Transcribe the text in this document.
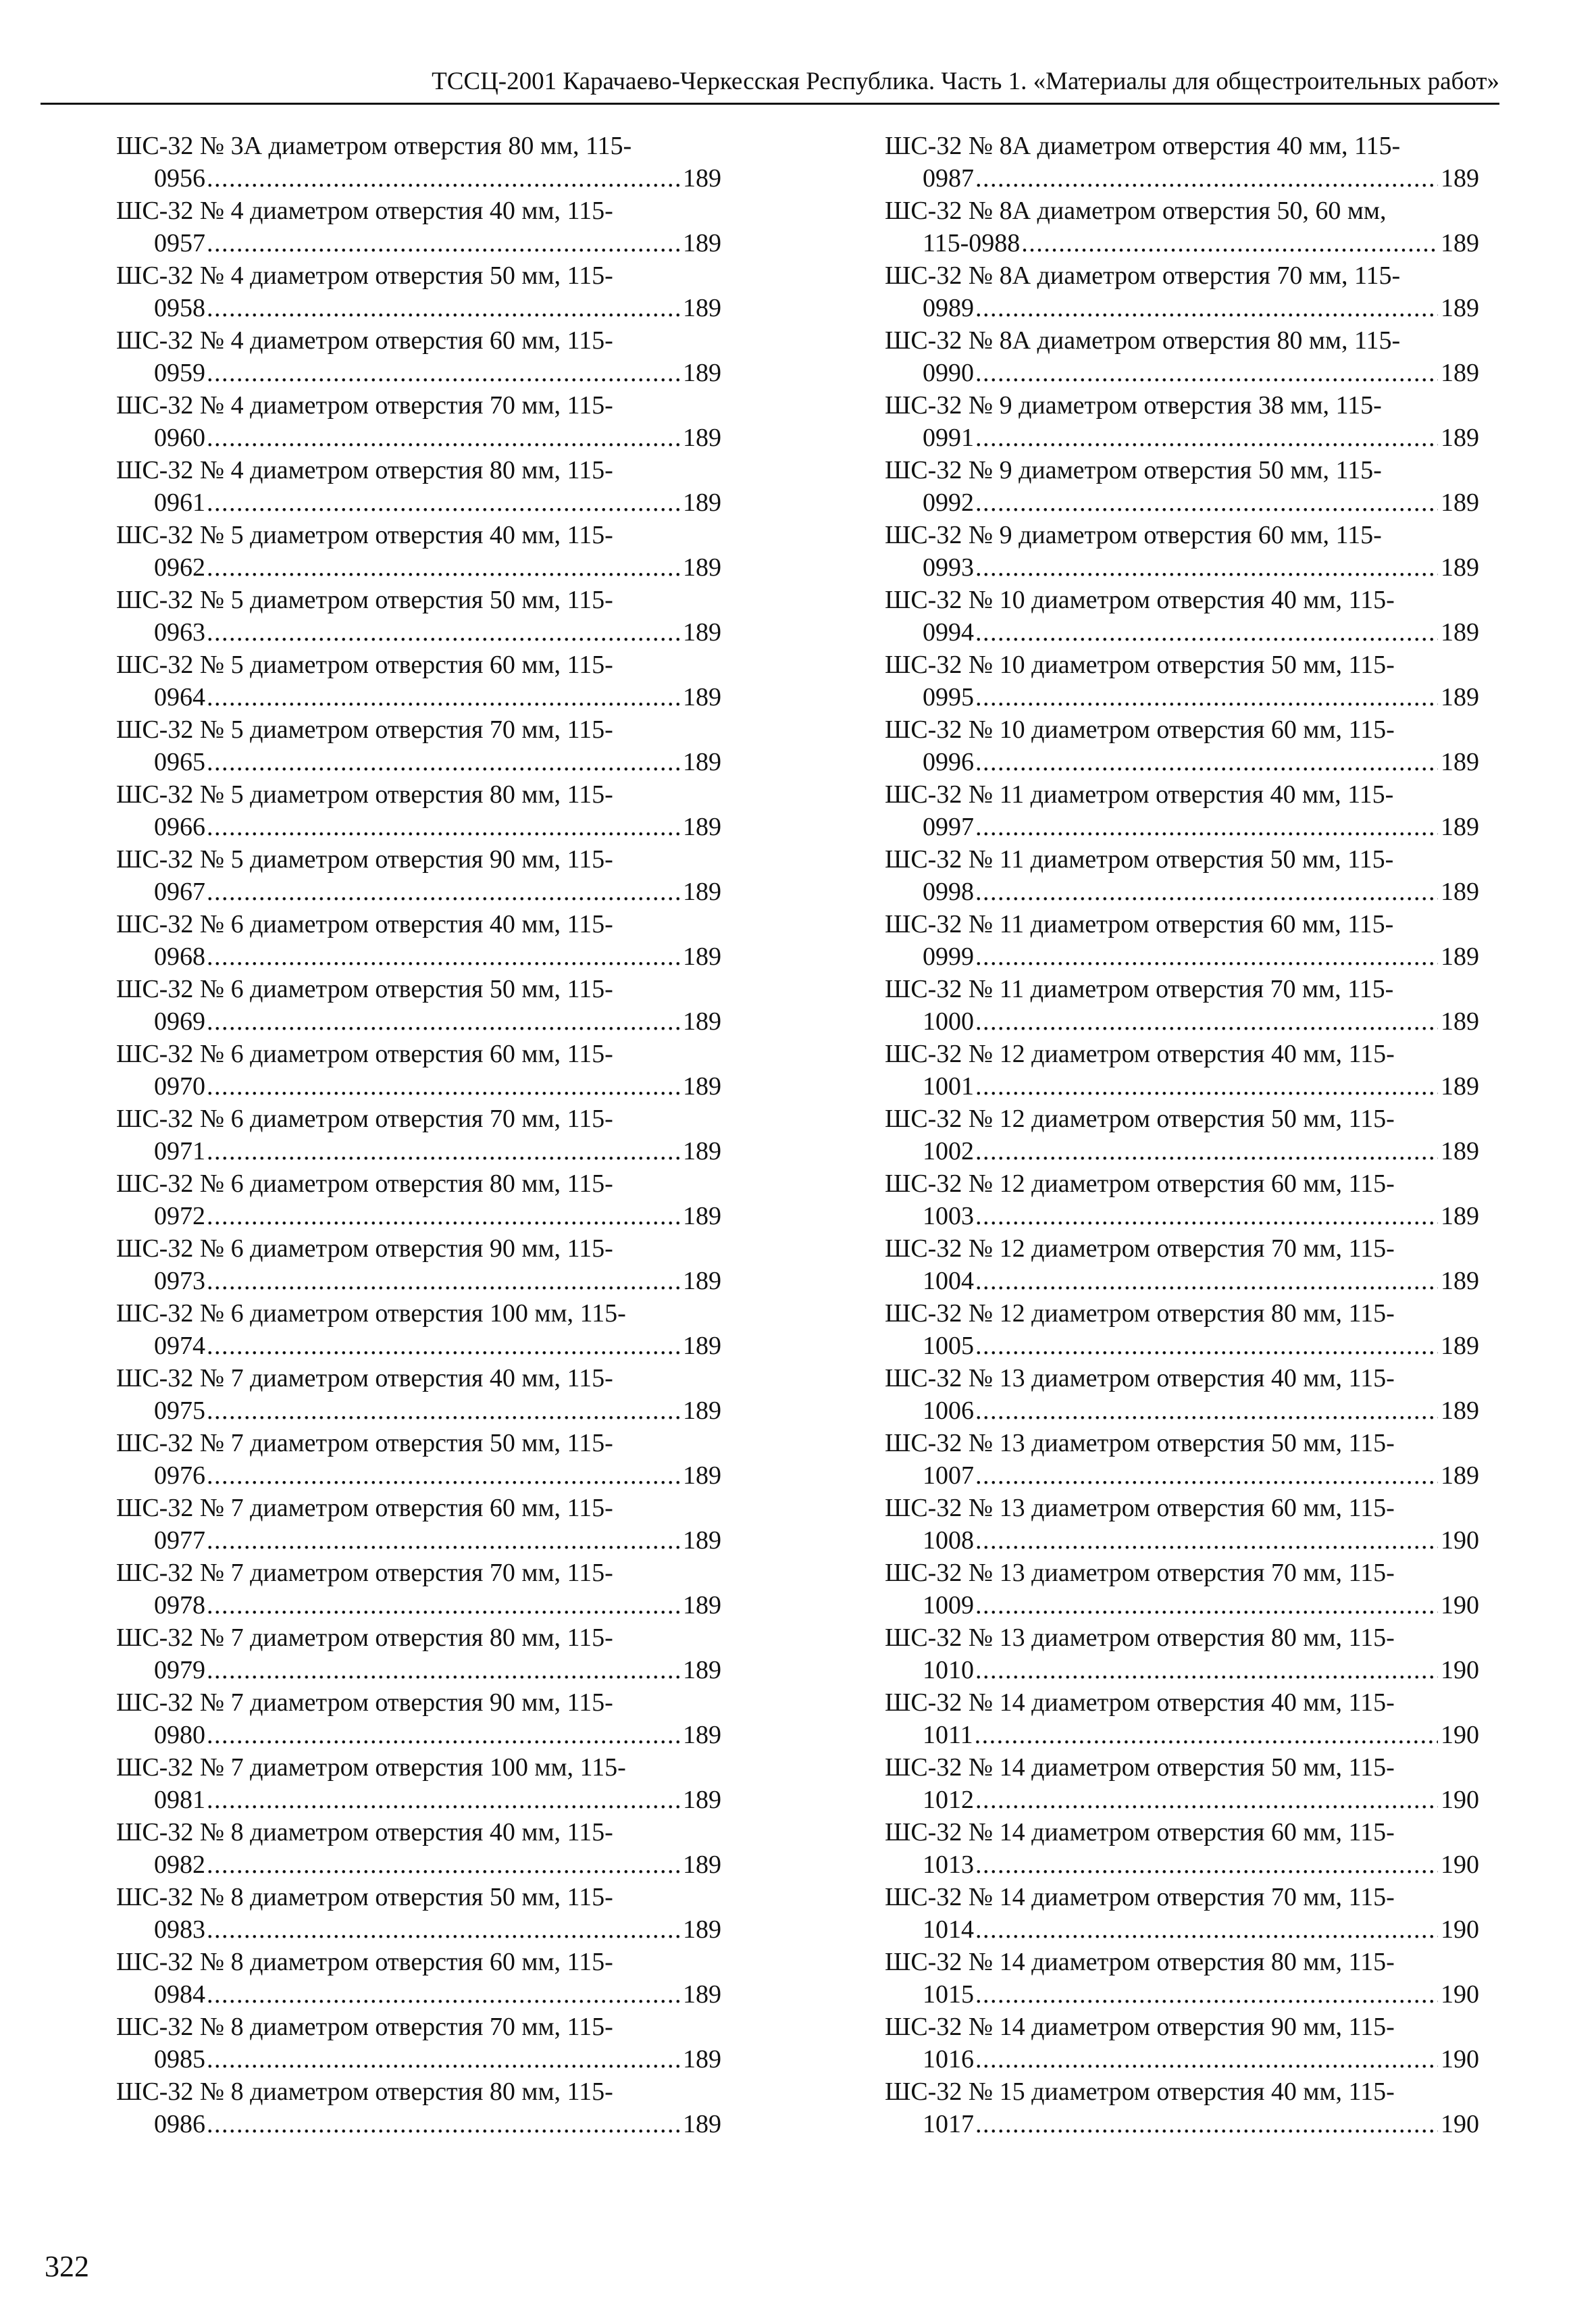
ТССЦ-2001 Карачаево-Черкесская Республика. Часть 1. «Материалы для общестроительных работ»
ШС-32 № 3А диаметром отверстия 80 мм, 115-
0956 . . .	189
ШС-32 № 4 диаметром отверстия 40 мм, 115-
0957 . . .	189
ШС-32 № 4 диаметром отверстия 50 мм, 115-
0958 . . .	189
ШС-32 № 4 диаметром отверстия 60 мм, 115-
0959 . . .	189
ШС-32 № 4 диаметром отверстия 70 мм, 115-
0960 . . .	189
ШС-32 № 4 диаметром отверстия 80 мм, 115-
0961 . . .	189
ШС-32 № 5 диаметром отверстия 40 мм, 115-
0962 . . .	189
ШС-32 № 5 диаметром отверстия 50 мм, 115-
0963 . . .	189
ШС-32 № 5 диаметром отверстия 60 мм, 115-
0964 . . .	189
ШС-32 № 5 диаметром отверстия 70 мм, 115-
0965 . . .	189
ШС-32 № 5 диаметром отверстия 80 мм, 115-
0966 . . .	189
ШС-32 № 5 диаметром отверстия 90 мм, 115-
0967 . . .	189
ШС-32 № 6 диаметром отверстия 40 мм, 115-
0968 . . .	189
ШС-32 № 6 диаметром отверстия 50 мм, 115-
0969 . . .	189
ШС-32 № 6 диаметром отверстия 60 мм, 115-
0970 . . .	189
ШС-32 № 6 диаметром отверстия 70 мм, 115-
0971 . . .	189
ШС-32 № 6 диаметром отверстия 80 мм, 115-
0972 . . .	189
ШС-32 № 6 диаметром отверстия 90 мм, 115-
0973 . . .	189
ШС-32 № 6 диаметром отверстия 100 мм, 115-
0974 . . .	189
ШС-32 № 7 диаметром отверстия 40 мм, 115-
0975 . . .	189
ШС-32 № 7 диаметром отверстия 50 мм, 115-
0976 . . .	189
ШС-32 № 7 диаметром отверстия 60 мм, 115-
0977 . . .	189
ШС-32 № 7 диаметром отверстия 70 мм, 115-
0978 . . .	189
ШС-32 № 7 диаметром отверстия 80 мм, 115-
0979 . . .	189
ШС-32 № 7 диаметром отверстия 90 мм, 115-
0980 . . .	189
ШС-32 № 7 диаметром отверстия 100 мм, 115-
0981 . . .	189
ШС-32 № 8 диаметром отверстия 40 мм, 115-
0982 . . .	189
ШС-32 № 8 диаметром отверстия 50 мм, 115-
0983 . . .	189
ШС-32 № 8 диаметром отверстия 60 мм, 115-
0984 . . .	189
ШС-32 № 8 диаметром отверстия 70 мм, 115-
0985 . . .	189
ШС-32 № 8 диаметром отверстия 80 мм, 115-
0986 . . .	189
ШС-32 № 8А диаметром отверстия 40 мм, 115-
0987 . . .	189
ШС-32 № 8А диаметром отверстия 50, 60 мм,
115-0988 . . .	189
ШС-32 № 8А диаметром отверстия 70 мм, 115-
0989 . . .	189
ШС-32 № 8А диаметром отверстия 80 мм, 115-
0990 . . .	189
ШС-32 № 9 диаметром отверстия 38 мм, 115-
0991 . . .	189
ШС-32 № 9 диаметром отверстия 50 мм, 115-
0992 . . .	189
ШС-32 № 9 диаметром отверстия 60 мм, 115-
0993 . . .	189
ШС-32 № 10 диаметром отверстия 40 мм, 115-
0994 . . .	189
ШС-32 № 10 диаметром отверстия 50 мм, 115-
0995 . . .	189
ШС-32 № 10 диаметром отверстия 60 мм, 115-
0996 . . .	189
ШС-32 № 11 диаметром отверстия 40 мм, 115-
0997 . . .	189
ШС-32 № 11 диаметром отверстия 50 мм, 115-
0998 . . .	189
ШС-32 № 11 диаметром отверстия 60 мм, 115-
0999 . . .	189
ШС-32 № 11 диаметром отверстия 70 мм, 115-
1000 . . .	189
ШС-32 № 12 диаметром отверстия 40 мм, 115-
1001 . . .	189
ШС-32 № 12 диаметром отверстия 50 мм, 115-
1002 . . .	189
ШС-32 № 12 диаметром отверстия 60 мм, 115-
1003 . . .	189
ШС-32 № 12 диаметром отверстия 70 мм, 115-
1004 . . .	189
ШС-32 № 12 диаметром отверстия 80 мм, 115-
1005 . . .	189
ШС-32 № 13 диаметром отверстия 40 мм, 115-
1006 . . .	189
ШС-32 № 13 диаметром отверстия 50 мм, 115-
1007 . . .	189
ШС-32 № 13 диаметром отверстия 60 мм, 115-
1008 . . .	190
ШС-32 № 13 диаметром отверстия 70 мм, 115-
1009 . . .	190
ШС-32 № 13 диаметром отверстия 80 мм, 115-
1010 . . .	190
ШС-32 № 14 диаметром отверстия 40 мм, 115-
1011 . . .	190
ШС-32 № 14 диаметром отверстия 50 мм, 115-
1012 . . .	190
ШС-32 № 14 диаметром отверстия 60 мм, 115-
1013 . . .	190
ШС-32 № 14 диаметром отверстия 70 мм, 115-
1014 . . .	190
ШС-32 № 14 диаметром отверстия 80 мм, 115-
1015 . . .	190
ШС-32 № 14 диаметром отверстия 90 мм, 115-
1016 . . .	190
ШС-32 № 15 диаметром отверстия 40 мм, 115-
1017 . . .	190
322
